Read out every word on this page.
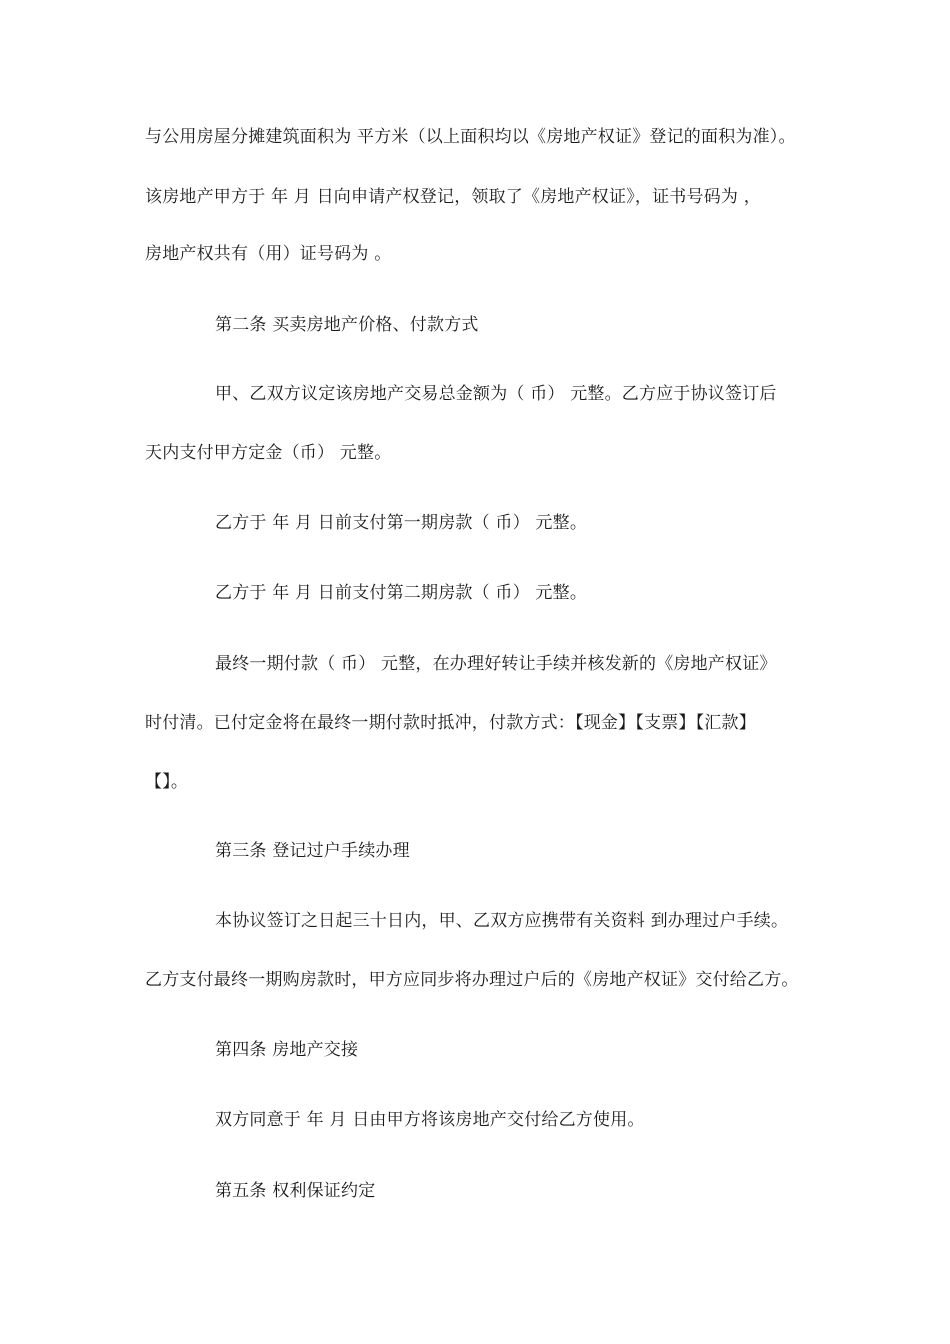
与公用房屋分摊建筑面积为 平方米（以上面积均以《房地产权证》登记的面积为准）。
该房地产甲方于 年 月 日向申请产权登记，领取了《房地产权证》，证书号码为 ，
房地产权共有（用）证号码为 。
第二条 买卖房地产价格、付款方式
甲、乙双方议定该房地产交易总金额为（ 币） 元整。乙方应于协议签订后
天内支付甲方定金（币） 元整。
乙方于 年 月 日前支付第一期房款（ 币） 元整。
乙方于 年 月 日前支付第二期房款（ 币） 元整。
最终一期付款（ 币） 元整，在办理好转让手续并核发新的《房地产权证》
时付清。已付定金将在最终一期付款时抵冲，付款方式：【现金】【支票】【汇款】
【】。
第三条 登记过户手续办理
本协议签订之日起三十日内，甲、乙双方应携带有关资料 到办理过户手续。
乙方支付最终一期购房款时，甲方应同步将办理过户后的《房地产权证》交付给乙方。
第四条 房地产交接
双方同意于 年 月 日由甲方将该房地产交付给乙方使用。
第五条 权利保证约定
